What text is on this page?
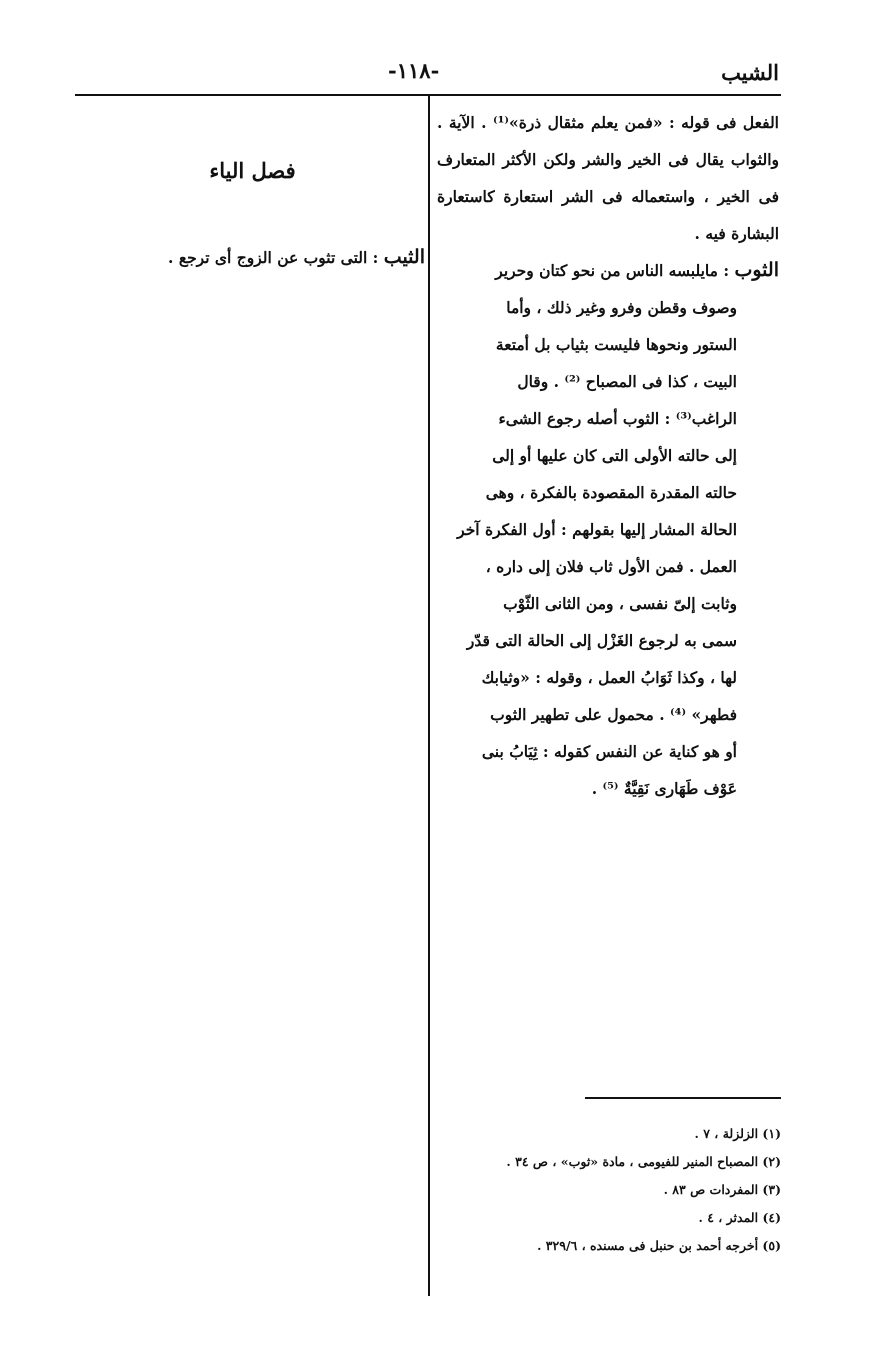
الشيب
-١١٨-

الفعل فى قوله : «فمن يعلم مثقال ذرة»⁽¹⁾ . الآية . والثواب يقال فى الخير والشر ولكن الأكثر المتعارف فى الخير ، واستعماله فى الشر استعارة كاستعارة البشارة فيه .

الثوب : مايلبسه الناس من نحو كتان وحرير
وصوف وقطن وفرو وغير ذلك ، وأما
الستور ونحوها فليست بثياب بل أمتعة
البيت ، كذا فى المصباح ⁽²⁾ . وقال
الراغب⁽³⁾ : الثوب أصله رجوع الشىء
إلى حالته الأولى التى كان عليها أو إلى
حالته المقدرة المقصودة بالفكرة ، وهى
الحالة المشار إليها بقولهم : أول الفكرة آخر
العمل . فمن الأول ثاب فلان إلى داره ،
وثابت إلىّ نفسى ، ومن الثانى الثّوْب
سمى به لرجوع الغَزْل إلى الحالة التى قدّر
لها ، وكذا ثَوَابُ العمل ، وقوله : «وثيابك
فطهر» ⁽⁴⁾ . محمول على تطهير الثوب
أو هو كناية عن النفس كقوله : ثِيَابُ بنى
عَوْف طَهَارى نَقِيَّةٌ ⁽⁵⁾ .
فصل الياء
الثيب : التى تثوب عن الزوج أى ترجع .
(١) الزلزلة ، ٧ .
(٢) المصباح المنير للفيومى ، مادة «ثوب» ، ص ٣٤ .
(٣) المفردات ص ٨٣ .
(٤) المدثر ، ٤ .
(٥) أخرجه أحمد بن حنبل فى مسنده ، ٣٢٩/٦ .
